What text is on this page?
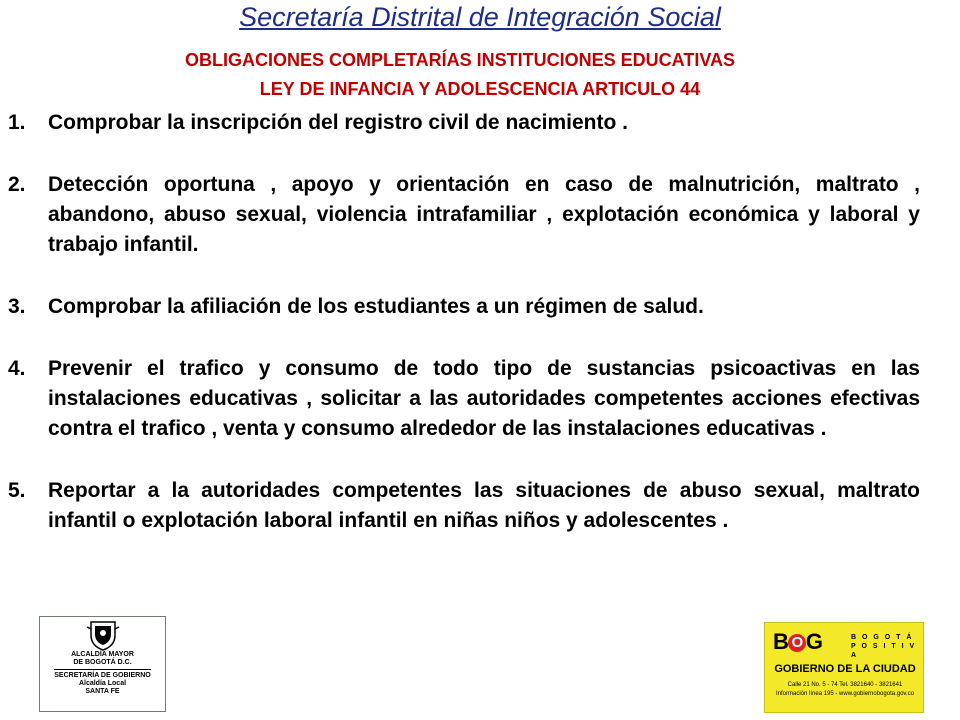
Secretaría Distrital de Integración Social
OBLIGACIONES COMPLETARÍAS INSTITUCIONES EDUCATIVAS
LEY DE INFANCIA Y ADOLESCENCIA ARTICULO 44
1. Comprobar la inscripción del registro civil de nacimiento .
2. Detección oportuna , apoyo y orientación en caso de malnutrición, maltrato , abandono, abuso sexual, violencia intrafamiliar , explotación económica y laboral y trabajo infantil.
3. Comprobar la afiliación de los estudiantes a un régimen de salud.
4. Prevenir el trafico y consumo de todo tipo de sustancias psicoactivas en las instalaciones educativas , solicitar a las autoridades competentes acciones efectivas contra el trafico , venta y consumo alrededor de las instalaciones educativas .
5. Reportar a la autoridades competentes las situaciones de abuso sexual, maltrato infantil o explotación laboral infantil en niñas niños y adolescentes .
ALCALDÍA MAYOR
DE BOGOTÁ D.C.
SECRETARÍA DE GOBIERNO
Alcaldía Local
SANTA FE
B O G	B O G O T Á
P O S I T I V A
GOBIERNO DE LA CIUDAD
Calle 21 No. 5 - 74 Tel. 3821640 - 3821641
Información línea 195 - www.gobiernobogota.gov.co
